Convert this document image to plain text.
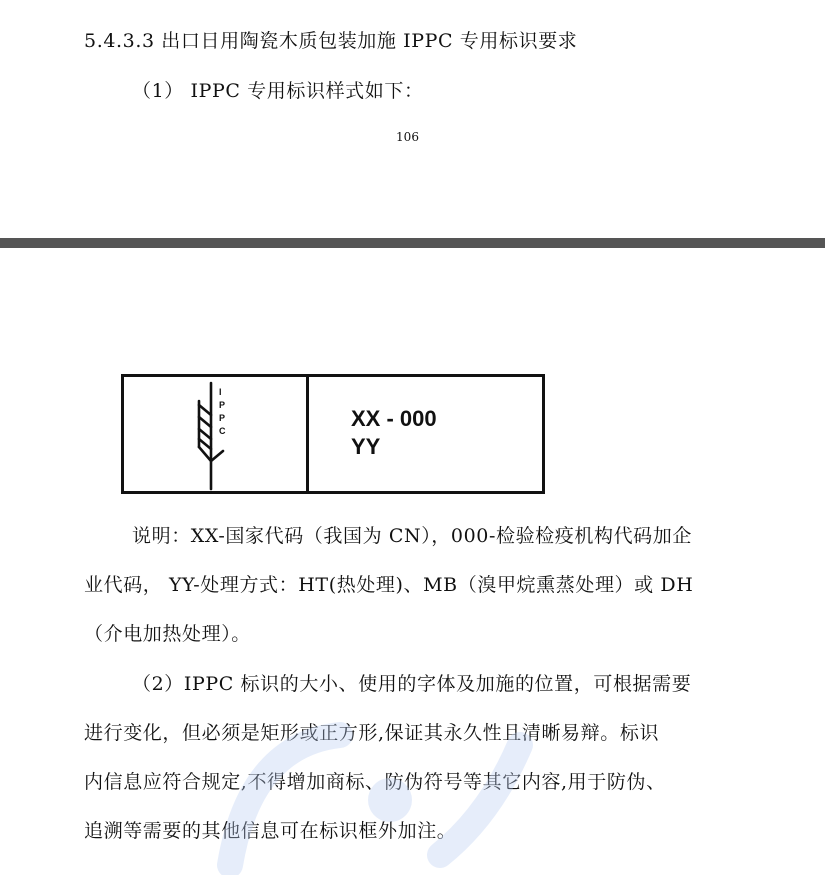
5.4.3.3 出口日用陶瓷木质包装加施 IPPC 专用标识要求
（1） IPPC 专用标识样式如下：
106
I
P
P
C	XX - 000
YY
说明：XX-国家代码（我国为 CN），000-检验检疫机构代码加企
业代码， YY-处理方式：HT(热处理)、MB（溴甲烷熏蒸处理）或 DH
（介电加热处理）。
（2）IPPC 标识的大小、使用的字体及加施的位置，可根据需要
进行变化，但必须是矩形或正方形,保证其永久性且清晰易辩。标识
内信息应符合规定,不得增加商标、防伪符号等其它内容,用于防伪、
追溯等需要的其他信息可在标识框外加注。
